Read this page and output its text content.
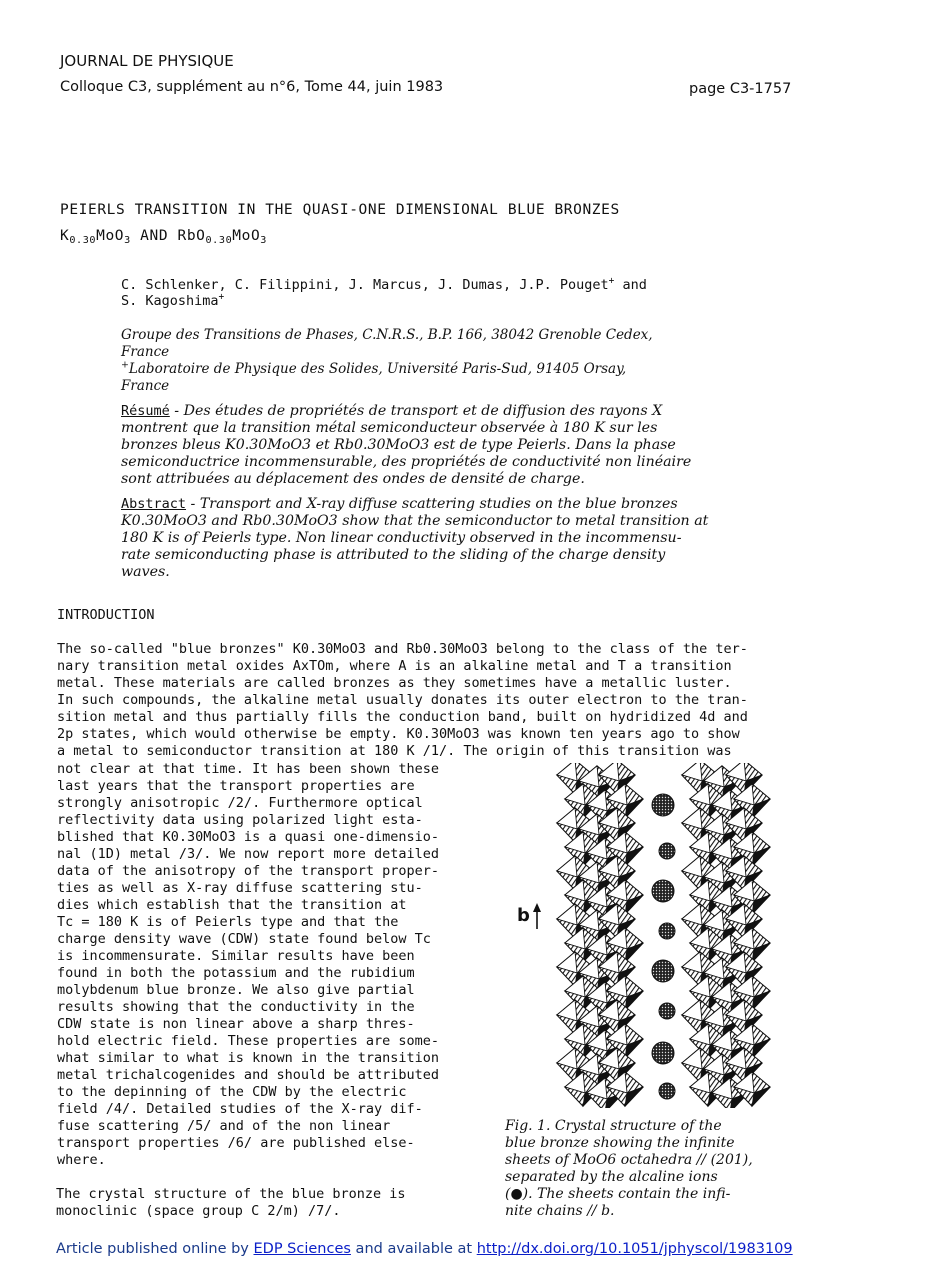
JOURNAL DE PHYSIQUE
Colloque C3, supplément au n°6, Tome 44, juin 1983	page C3-1757
PEIERLS TRANSITION IN THE QUASI-ONE DIMENSIONAL BLUE BRONZES
$K_{0.30}MoO_3$ AND RbO$_{0.30}$MoO$_3$
C. Schlenker, C. Filippini, J. Marcus, J. Dumas, J.P. Pouget+ and
S. Kagoshima+
Groupe des Transitions de Phases, C.N.R.S., B.P. 166, 38042 Grenoble Cedex,
France
+Laboratoire de Physique des Solides, Université Paris-Sud, 91405 Orsay,
France
Résumé - Des études de propriétés de transport et de diffusion des rayons X
montrent que la transition métal semiconducteur observée à 180 K sur les
bronzes bleus K0.30MoO3 et Rb0.30MoO3 est de type Peierls. Dans la phase
semiconductrice incommensurable, des propriétés de conductivité non linéaire
sont attribuées au déplacement des ondes de densité de charge.
Abstract - Transport and X-ray diffuse scattering studies on the blue bronzes
K0.30MoO3 and Rb0.30MoO3 show that the semiconductor to metal transition at
180 K is of Peierls type. Non linear conductivity observed in the incommensu-
rate semiconducting phase is attributed to the sliding of the charge density
waves.
INTRODUCTION
The so-called "blue bronzes" K0.30MoO3 and Rb0.30MoO3 belong to the class of the ter-
nary transition metal oxides AxTOm, where A is an alkaline metal and T a transition
metal. These materials are called bronzes as they sometimes have a metallic luster.
In such compounds, the alkaline metal usually donates its outer electron to the tran-
sition metal and thus partially fills the conduction band, built on hydridized 4d and
2p states, which would otherwise be empty. K0.30MoO3 was known ten years ago to show
a metal to semiconductor transition at 180 K /1/. The origin of this transition was
not clear at that time. It has been shown these
last years that the transport properties are
strongly anisotropic /2/. Furthermore optical
reflectivity data using polarized light esta-
blished that K0.30MoO3 is a quasi one-dimensio-
nal (1D) metal /3/. We now report more detailed
data of the anisotropy of the transport proper-
ties as well as X-ray diffuse scattering stu-
dies which establish that the transition at
Tc = 180 K is of Peierls type and that the
charge density wave (CDW) state found below Tc
is incommensurate. Similar results have been
found in both the potassium and the rubidium
molybdenum blue bronze. We also give partial
results showing that the conductivity in the
CDW state is non linear above a sharp thres-
hold electric field. These properties are some-
what similar to what is known in the transition
metal trichalcogenides and should be attributed
to the depinning of the CDW by the electric
field /4/. Detailed studies of the X-ray dif-
fuse scattering /5/ and of the non linear
transport properties /6/ are published else-
where.
The crystal structure of the blue bronze is
monoclinic (space group C 2/m) /7/.
b
Fig. 1. Crystal structure of the
blue bronze showing the infinite
sheets of MoO6 octahedra // (201),
separated by the alcaline ions
(●). The sheets contain the infi-
nite chains // b.
Article published online by EDP Sciences and available at http://dx.doi.org/10.1051/jphyscol/1983109
